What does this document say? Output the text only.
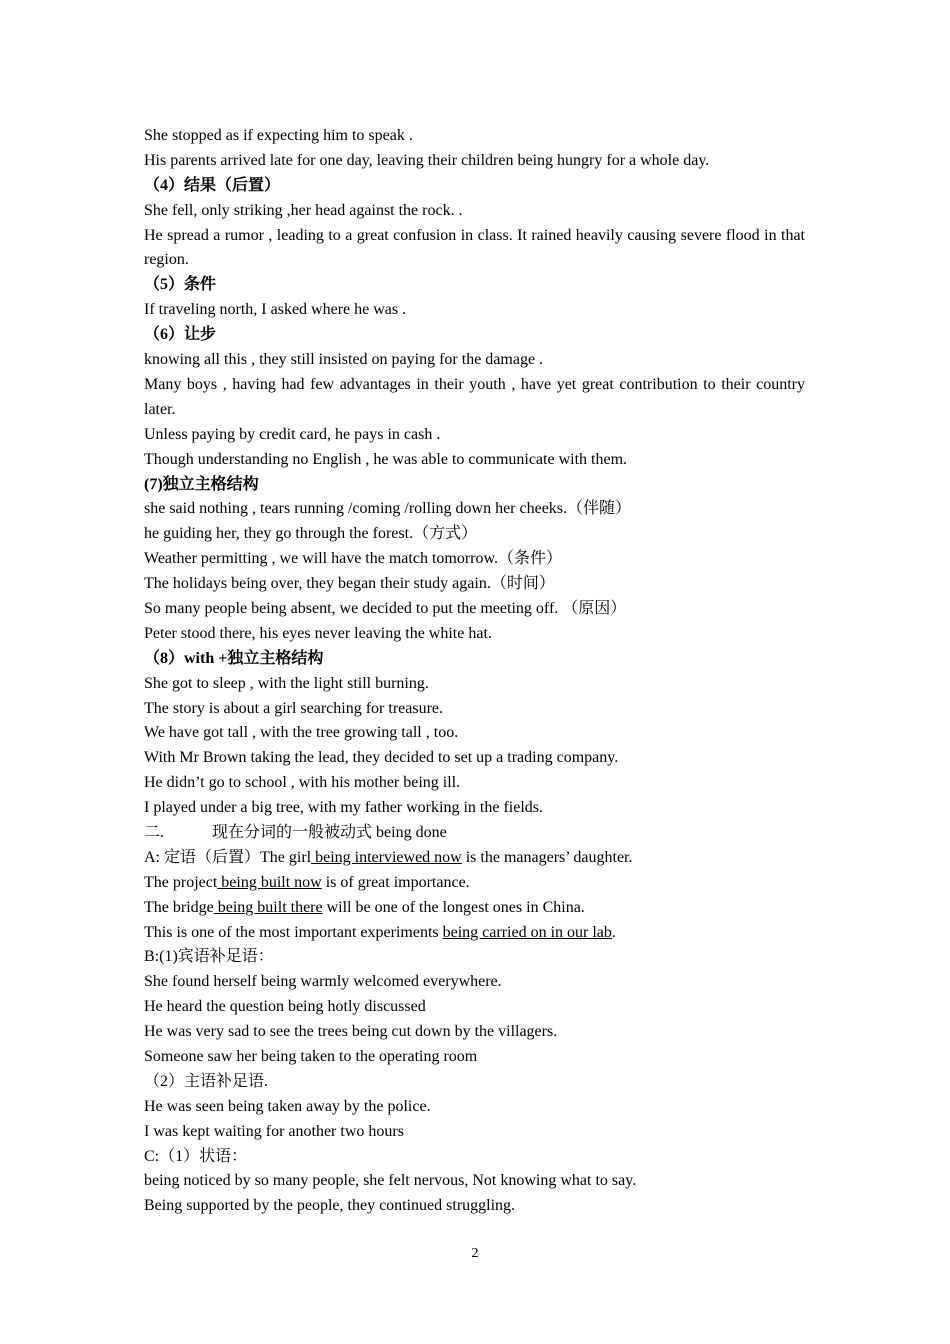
She stopped as if expecting him to speak .
His parents arrived late for one day, leaving their children being hungry for a whole day.
（4）结果（后置）
She fell, only striking ,her head against the rock. .
He spread a rumor , leading to a great confusion in class. It rained heavily causing severe flood in that region.
（5）条件
If traveling north, I asked where he was .
（6）让步
knowing all this , they still insisted on paying for the damage .
Many boys , having had few advantages in their youth , have yet great contribution to their country later.
Unless paying by credit card, he pays in cash .
Though understanding no English , he was able to communicate with them.
(7)独立主格结构
she said nothing , tears running /coming /rolling down her cheeks.（伴随）
he guiding her, they go through the forest.（方式）
Weather permitting , we will have the match tomorrow.（条件）
The holidays being over, they began their study again.（时间）
So many people being absent, we decided to put the meeting off. （原因）
Peter stood there, his eyes never leaving the white hat.
（8）with +独立主格结构
She got to sleep , with the light still burning.
The story is about a girl searching for treasure.
We have got tall , with the tree growing tall , too.
With Mr Brown taking the lead, they decided to set up a trading company.
He didn’t go to school , with his mother being ill.
I played under a big tree, with my father working in the fields.
二.	现在分词的一般被动式 being done
A: 定语（后置）The girl being interviewed now is the managers’ daughter.
The project being built now is of great importance.
The bridge being built there will be one of the longest ones in China.
This is one of the most important experiments being carried on in our lab.
B:(1)宾语补足语：
She found herself being warmly welcomed everywhere.
He heard the question being hotly discussed
He was very sad to see the trees being cut down by the villagers.
Someone saw her being taken to the operating room
（2）主语补足语.
He was seen being taken away by the police.
I was kept waiting for another two hours
C:（1）状语：
being noticed by so many people, she felt nervous, Not knowing what to say.
Being supported by the people, they continued struggling.
2
